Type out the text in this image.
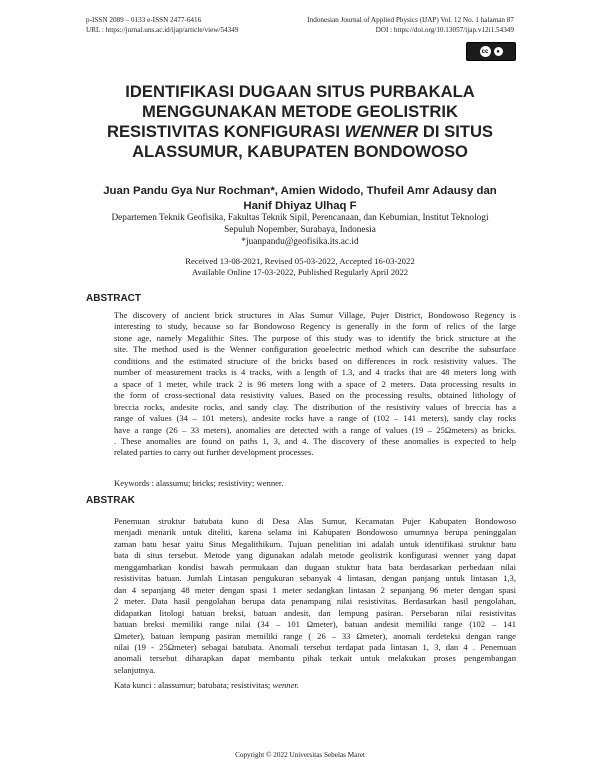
p-ISSN 2089 – 0133 e-ISSN 2477-6416
URL : https://jurnal.uns.ac.id/ijap/article/view/54349
Indonesian Journal of Applied Physics (IJAP) Vol. 12 No. 1 halaman 87
DOI : https://doi.org/10.13057/ijap.v12i1.54349
cc	●
IDENTIFIKASI DUGAAN SITUS PURBAKALA
MENGGUNAKAN METODE GEOLISTRIK
RESISTIVITAS KONFIGURASI WENNER DI SITUS
ALASSUMUR, KABUPATEN BONDOWOSO
Juan Pandu Gya Nur Rochman*, Amien Widodo, Thufeil Amr Adausy dan
Hanif Dhiyaz Ulhaq F
Departemen Teknik Geofisika, Fakultas Teknik Sipil, Perencanaan, dan Kebumian, Institut Teknologi
Sepuluh Nopember, Surabaya, Indonesia
*juanpandu@geofisika.its.ac.id
Received 13-08-2021, Revised 05-03-2022, Accepted 16-03-2022
Available Online 17-03-2022, Published Regularly April 2022
ABSTRACT
The discovery of ancient brick structures in Alas Sumur Village, Pujer District, Bondowoso Regency is
interesting to study, because so far Bondowoso Regency is generally in the form of relics of the large
stone age, namely Megalithic Sites. The purpose of this study was to identify the brick structure at the
site. The method used is the Wenner configuration geoelectric method which can describe the subsurface
conditions and the estimated structure of the bricks based on differences in rock resistivity values. The
number of measurement tracks is 4 tracks, with a length of 1.3, and 4 tracks that are 48 meters long with
a space of 1 meter, while track 2 is 96 meters long with a space of 2 meters. Data processing results in
the form of cross-sectional data resistivity values. Based on the processing results, obtained lithology of
breccia rocks, andesite rocks, and sandy clay. The distribution of the resistivity values of breccia has a
range of values (34 – 101 meters), andesite rocks have a range of (102 – 141 meters), sandy clay rocks
have a range (26 – 33 meters), anomalies are detected with a range of values (19 – 25Ωmeters) as bricks.
. These anomalies are found on paths 1, 3, and 4. The discovery of these anomalies is expected to help
related parties to carry out further development processes.
Keywords : alassumu; bricks; resistivity; wenner.
ABSTRAK
Penemuan struktur batubata kuno di Desa Alas Sumur, Kecamatan Pujer Kabupaten Bondowoso
menjadi menarik untuk diteliti, karena selama ini Kabupaten Bondowoso umumnya berupa peninggalan
zaman batu besar yaitu Situs Megalithikum. Tujuan penelitian ini adalah untuk identifikasi struktur batu
bata di situs tersebut. Metode yang digunakan adalah metode geolistrik konfigurasi wenner yang dapat
menggambarkan kondisi bawah permukaan dan dugaan stuktur bata bata berdasarkan perbedaan nilai
resistivitas batuan. Jumlah Lintasan pengukuran sebanyak 4 lintasan, dengan panjang untuk lintasan 1,3,
dan 4 sepanjang 48 meter dengan spasi 1 meter sedangkan lintasan 2 sepanjang 96 meter dengan spasi
2 meter. Data hasil pengolahan berupa data penampang nilai resistivitas. Berdasarkan hasil pengolahan,
didapatkan litologi batuan breksi, batuan andesit, dan lempung pasiran. Persebaran nilai resistivitas
batuan breksi memiliki range nilai (34 – 101 Ωmeter), batuan andesit memiliki range (102 – 141
Ωmeter), batuan lempung pasiran memiliki range ( 26 – 33 Ωmeter), anomali terdeteksi dengan range
nilai (19 - 25Ωmeter) sebagai batubata. Anomali tersebut terdapat pada lintasan 1, 3, dan 4 . Penemuan
anomali tersebut diharapkan dapat membantu pihak terkait untuk melakukan proses pengembangan
selanjutnya.
Kata kunci : alassumur; batubata; resistivitas; wenner.
Copyright © 2022 Universitas Sebelas Maret
